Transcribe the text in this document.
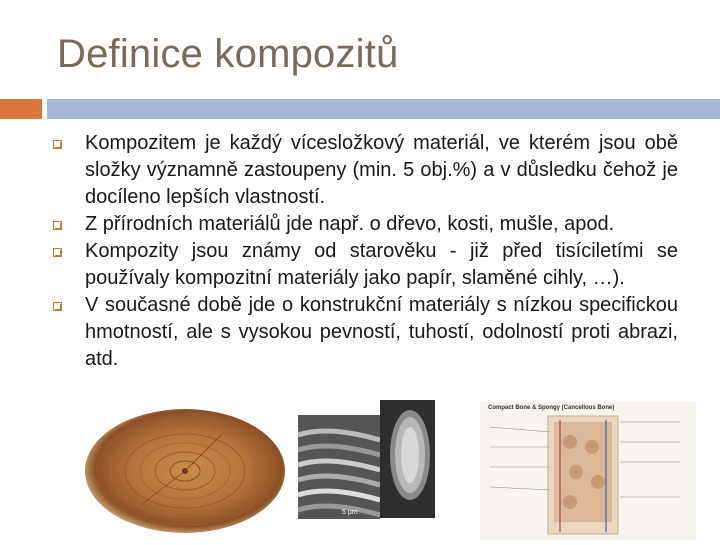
Definice kompozitů
Kompozitem je každý vícesložkový materiál, ve kterém jsou obě složky významně zastoupeny (min. 5 obj.%) a v důsledku čehož je docíleno lepších vlastností.
Z přírodních materiálů jde např. o dřevo, kosti, mušle, apod.
Kompozity jsou známy od starověku - již před tisíciletími se používaly kompozitní materiály jako papír, slaměné cihly, …).
V současné době jde o konstrukční materiály s nízkou specifickou hmotností, ale s vysokou pevností, tuhostí, odolností proti abrazi, atd.
5 µm
Compact Bone & Spongy (Cancellous Bone)
